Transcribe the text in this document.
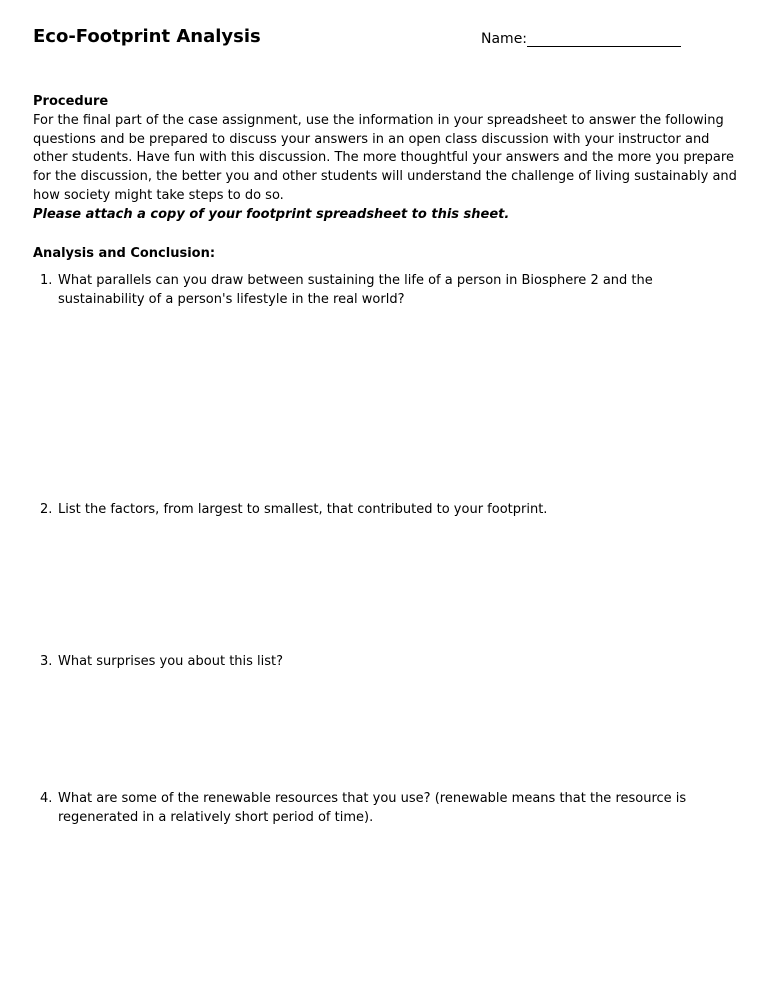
Eco-Footprint Analysis	Name:
Procedure
For the final part of the case assignment, use the information in your spreadsheet to answer the following questions and be prepared to discuss your answers in an open class discussion with your instructor and other students. Have fun with this discussion. The more thoughtful your answers and the more you prepare for the discussion, the better you and other students will understand the challenge of living sustainably and how society might take steps to do so.
Please attach a copy of your footprint spreadsheet to this sheet.
Analysis and Conclusion:
1. What parallels can you draw between sustaining the life of a person in Biosphere 2 and the sustainability of a person's lifestyle in the real world?
2. List the factors, from largest to smallest, that contributed to your footprint.
3. What surprises you about this list?
4. What are some of the renewable resources that you use? (renewable means that the resource is regenerated in a relatively short period of time).
